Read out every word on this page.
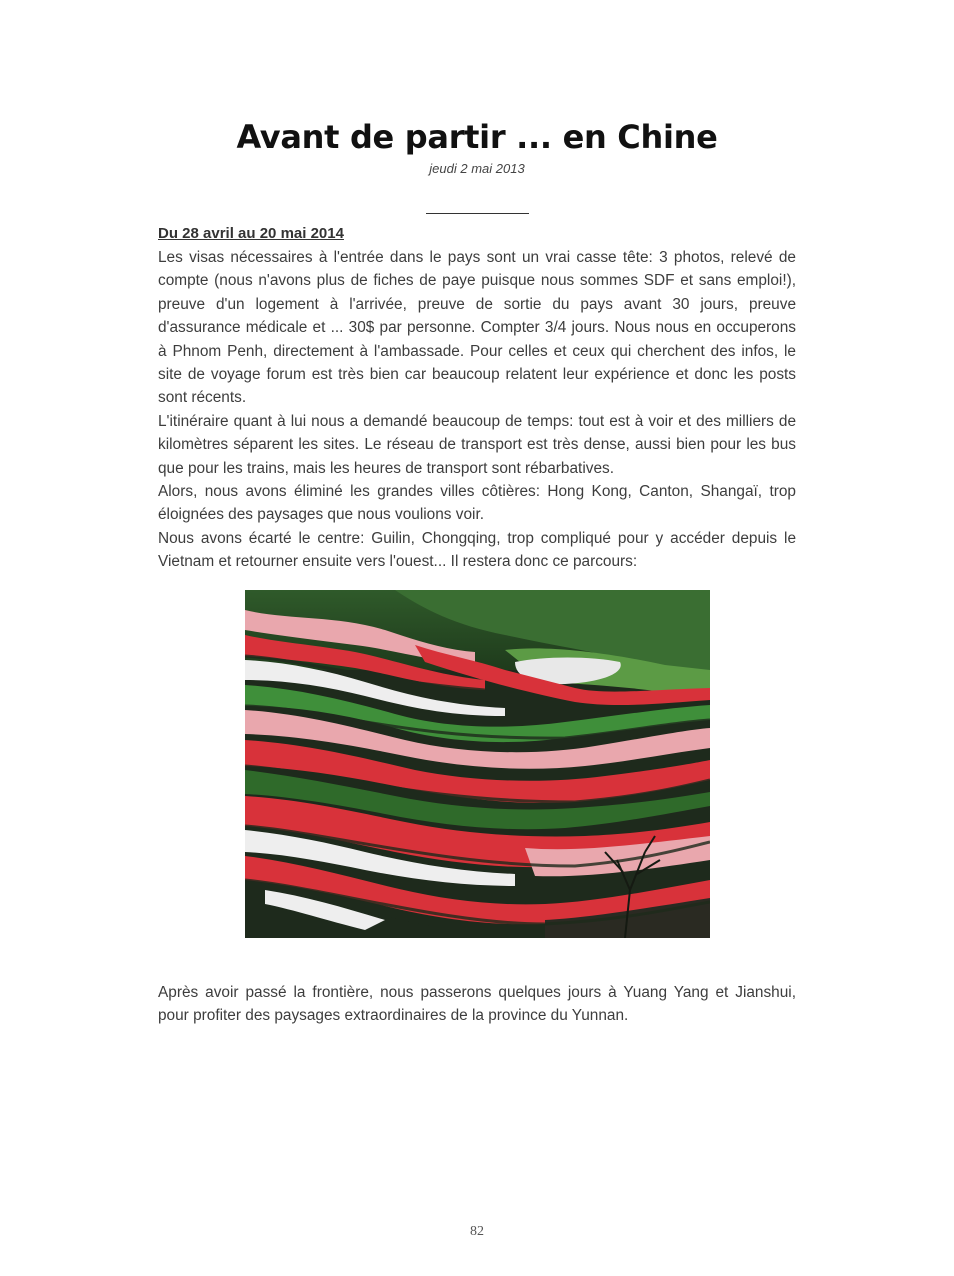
Avant de partir ... en Chine
jeudi 2 mai 2013
Du 28 avril au 20 mai 2014
Les visas nécessaires à l'entrée dans le pays sont un vrai casse tête: 3 photos, relevé de compte (nous n'avons plus de fiches de paye puisque nous sommes SDF et sans emploi!), preuve d'un logement à l'arrivée, preuve de sortie du pays avant 30 jours, preuve d'assurance médicale et ... 30$ par personne. Compter 3/4 jours. Nous nous en occuperons à Phnom Penh, directement à l'ambassade. Pour celles et ceux qui cherchent des infos, le site de voyage forum est très bien car beaucoup relatent leur expérience et donc les posts sont récents.
L'itinéraire quant à lui nous a demandé beaucoup de temps: tout est à voir et des milliers de kilomètres séparent les sites. Le réseau de transport est très dense, aussi bien pour les bus que pour les trains, mais les heures de transport sont rébarbatives.
Alors, nous avons éliminé les grandes villes côtières: Hong Kong, Canton, Shangaï, trop éloignées des paysages que nous voulions voir.
Nous avons écarté le centre: Guilin, Chongqing, trop compliqué pour y accéder depuis le Vietnam et retourner ensuite vers l'ouest... Il restera donc ce parcours:
Après avoir passé la frontière, nous passerons quelques jours à Yuang Yang et Jianshui, pour profiter des paysages extraordinaires de la province du Yunnan.
82
